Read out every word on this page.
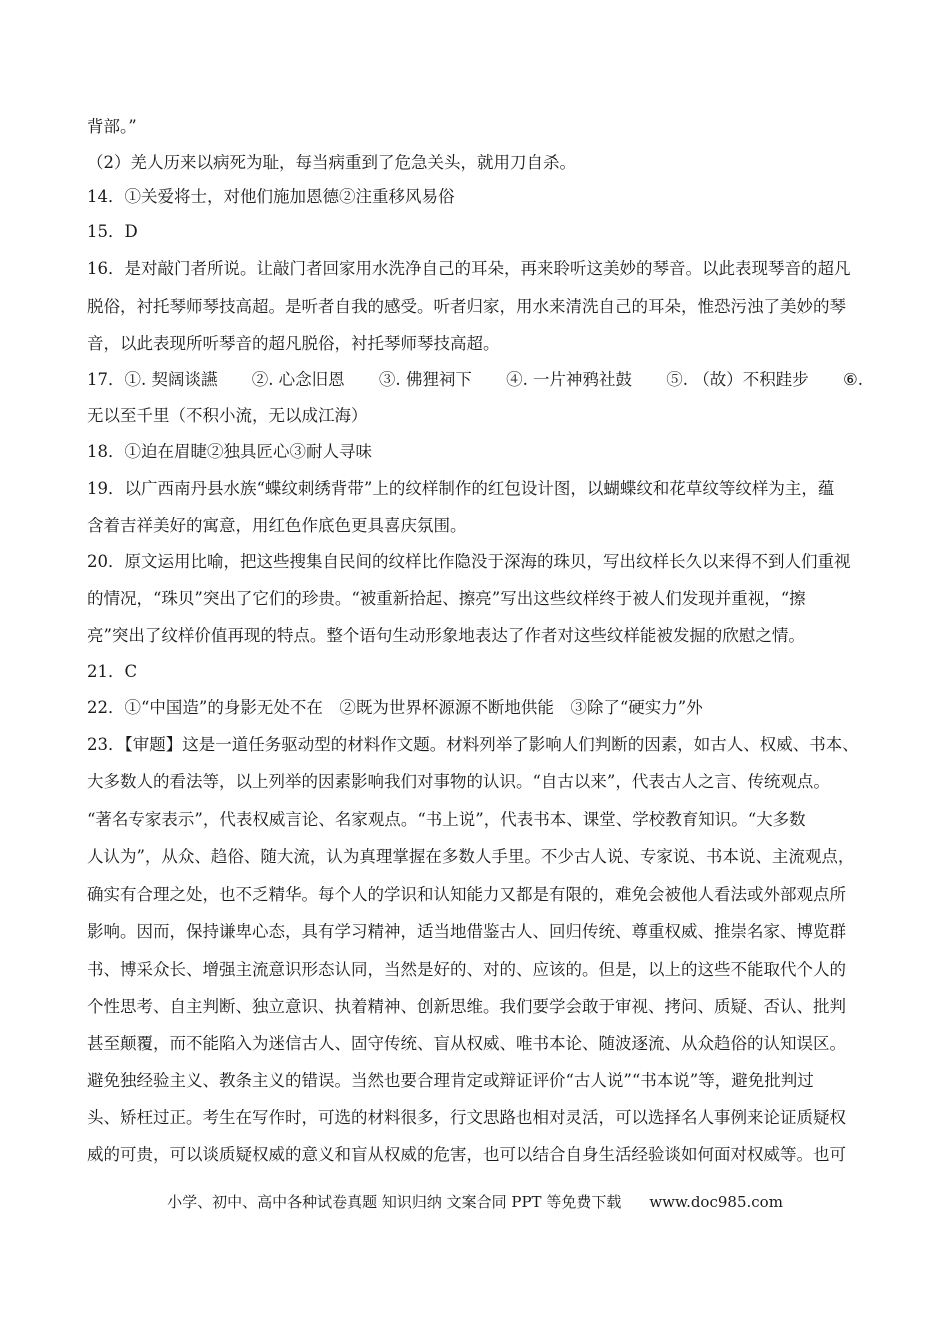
背部。”
（2）羌人历来以病死为耻，每当病重到了危急关头，就用刀自杀。
14．①关爱将士，对他们施加恩德②注重移风易俗
15．D
16．是对敲门者所说。让敲门者回家用水洗净自己的耳朵，再来聆听这美妙的琴音。以此表现琴音的超凡
脱俗，衬托琴师琴技高超。是听者自我的感受。听者归家，用水来清洗自己的耳朵，惟恐污浊了美妙的琴
音，以此表现所听琴音的超凡脱俗，衬托琴师琴技高超。
17．①. 契阔谈讌 ②. 心念旧恩 ③. 佛狸祠下 ④. 一片神鸦社鼓 ⑤. （故）不积跬步 ⑥.
无以至千里（不积小流，无以成江海）
18．①迫在眉睫②独具匠心③耐人寻味
19．以广西南丹县水族“蝶纹刺绣背带”上的纹样制作的红包设计图，以蝴蝶纹和花草纹等纹样为主，蕴
含着吉祥美好的寓意，用红色作底色更具喜庆氛围。
20．原文运用比喻，把这些搜集自民间的纹样比作隐没于深海的珠贝，写出纹样长久以来得不到人们重视
的情况，“珠贝”突出了它们的珍贵。“被重新拾起、擦亮”写出这些纹样终于被人们发现并重视，“擦
亮”突出了纹样价值再现的特点。整个语句生动形象地表达了作者对这些纹样能被发掘的欣慰之情。
21．C
22．①“中国造”的身影无处不在　②既为世界杯源源不断地供能　③除了“硬实力”外
23．【审题】这是一道任务驱动型的材料作文题。材料列举了影响人们判断的因素，如古人、权威、书本、
大多数人的看法等，以上列举的因素影响我们对事物的认识。“自古以来”，代表古人之言、传统观点。
“著名专家表示”，代表权威言论、名家观点。“书上说”，代表书本、课堂、学校教育知识。“大多数
人认为”，从众、趋俗、随大流，认为真理掌握在多数人手里。不少古人说、专家说、书本说、主流观点，
确实有合理之处，也不乏精华。每个人的学识和认知能力又都是有限的，难免会被他人看法或外部观点所
影响。因而，保持谦卑心态，具有学习精神，适当地借鉴古人、回归传统、尊重权威、推崇名家、博览群
书、博采众长、增强主流意识形态认同，当然是好的、对的、应该的。但是，以上的这些不能取代个人的
个性思考、自主判断、独立意识、执着精神、创新思维。我们要学会敢于审视、拷问、质疑、否认、批判
甚至颠覆，而不能陷入为迷信古人、固守传统、盲从权威、唯书本论、随波逐流、从众趋俗的认知误区。
避免独经验主义、教条主义的错误。当然也要合理肯定或辩证评价“古人说”“书本说”等，避免批判过
头、矫枉过正。考生在写作时，可选的材料很多，行文思路也相对灵活，可以选择名人事例来论证质疑权
威的可贵，可以谈质疑权威的意义和盲从权威的危害，也可以结合自身生活经验谈如何面对权威等。也可
小学、初中、高中各种试卷真题 知识归纳 文案合同 PPT 等免费下载 www.doc985.com
